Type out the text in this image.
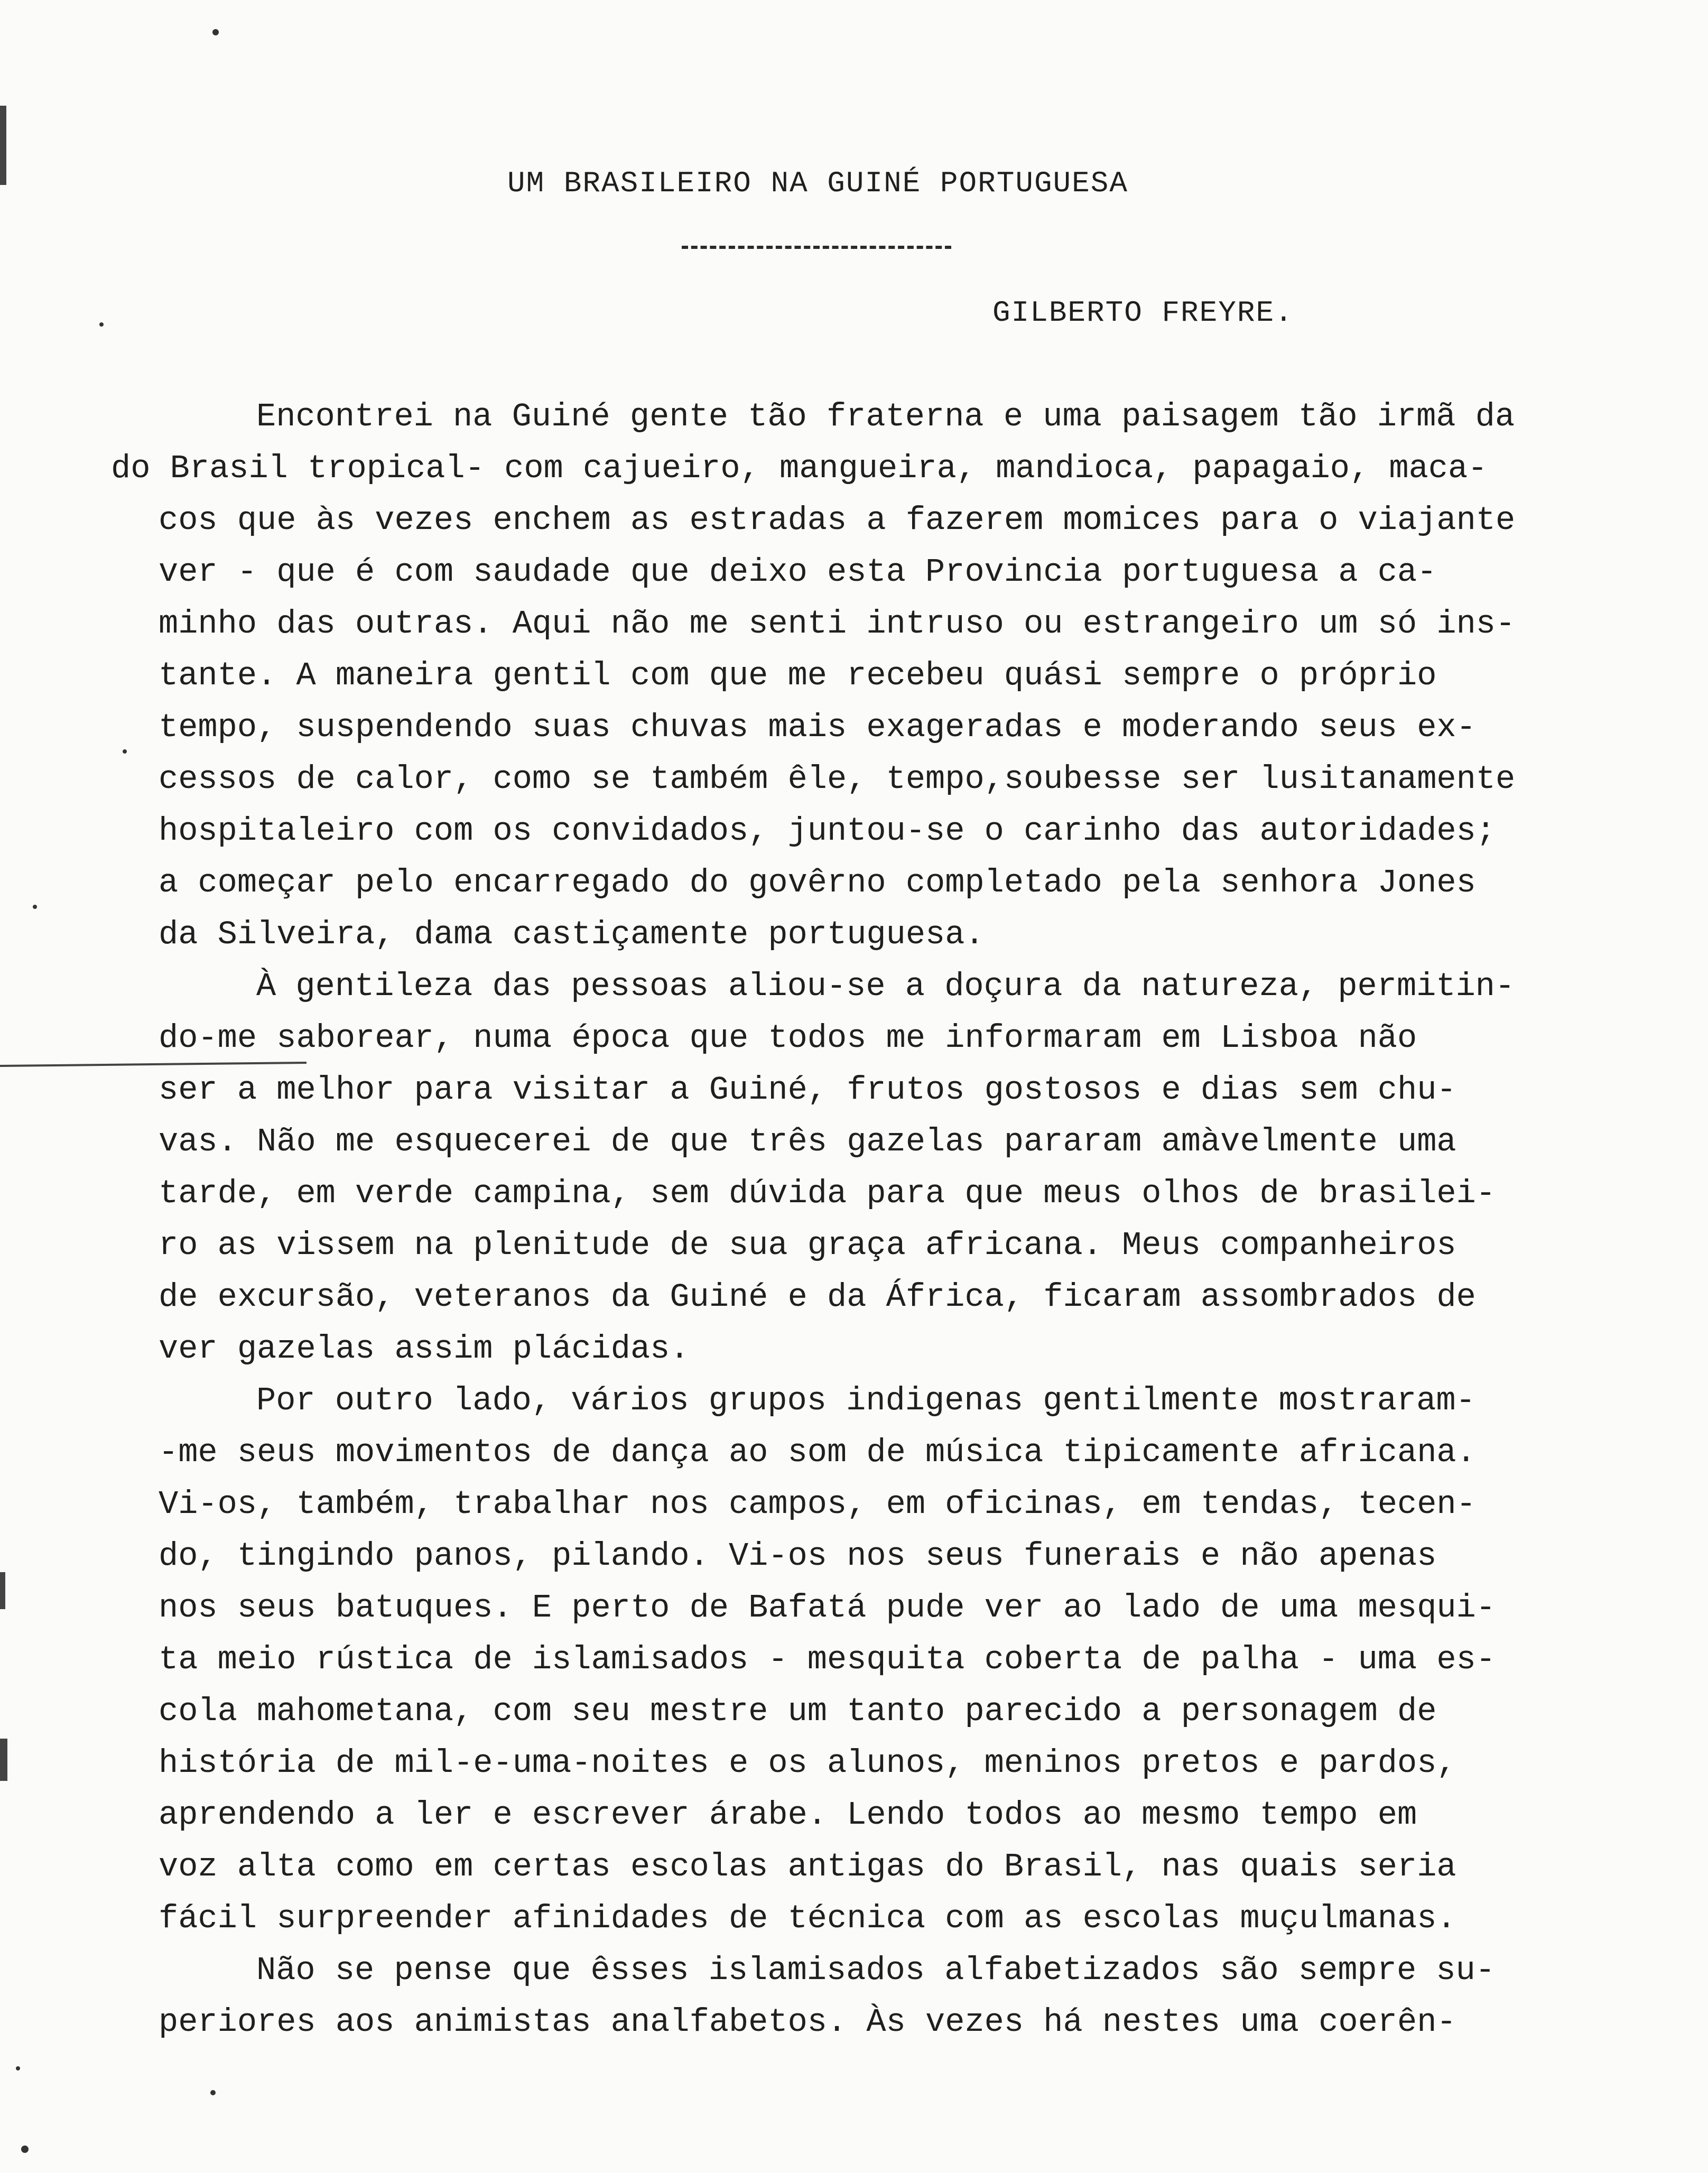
UM BRASILEIRO NA GUINÉ PORTUGUESA
GILBERTO FREYRE.
Encontrei na Guiné gente tão fraterna e uma paisagem tão irmã da
do Brasil tropical- com cajueiro, mangueira, mandioca, papagaio, maca-
cos que às vezes enchem as estradas a fazerem momices para o viajante
ver - que é com saudade que deixo esta Provincia portuguesa a ca-
minho das outras. Aqui não me senti intruso ou estrangeiro um só ins-
tante. A maneira gentil com que me recebeu quási sempre o próprio
tempo, suspendendo suas chuvas mais exageradas e moderando seus ex-
cessos de calor, como se também êle, tempo,soubesse ser lusitanamente
hospitaleiro com os convidados, juntou-se o carinho das autoridades;
a começar pelo encarregado do govêrno completado pela senhora Jones
da Silveira, dama castiçamente portuguesa.
À gentileza das pessoas aliou-se a doçura da natureza, permitin-
do-me saborear, numa época que todos me informaram em Lisboa não
ser a melhor para visitar a Guiné, frutos gostosos e dias sem chu-
vas. Não me esquecerei de que três gazelas pararam amàvelmente uma
tarde, em verde campina, sem dúvida para que meus olhos de brasilei-
ro as vissem na plenitude de sua graça africana. Meus companheiros
de excursão, veteranos da Guiné e da África, ficaram assombrados de
ver gazelas assim plácidas.
Por outro lado, vários grupos indigenas gentilmente mostraram-
-me seus movimentos de dança ao som de música tipicamente africana.
Vi-os, também, trabalhar nos campos, em oficinas, em tendas, tecen-
do, tingindo panos, pilando. Vi-os nos seus funerais e não apenas
nos seus batuques. E perto de Bafatá pude ver ao lado de uma mesqui-
ta meio rústica de islamisados - mesquita coberta de palha - uma es-
cola mahometana, com seu mestre um tanto parecido a personagem de
história de mil-e-uma-noites e os alunos, meninos pretos e pardos,
aprendendo a ler e escrever árabe. Lendo todos ao mesmo tempo em
voz alta como em certas escolas antigas do Brasil, nas quais seria
fácil surpreender afinidades de técnica com as escolas muçulmanas.
Não se pense que êsses islamisados alfabetizados são sempre su-
periores aos animistas analfabetos. Às vezes há nestes uma coerên-
